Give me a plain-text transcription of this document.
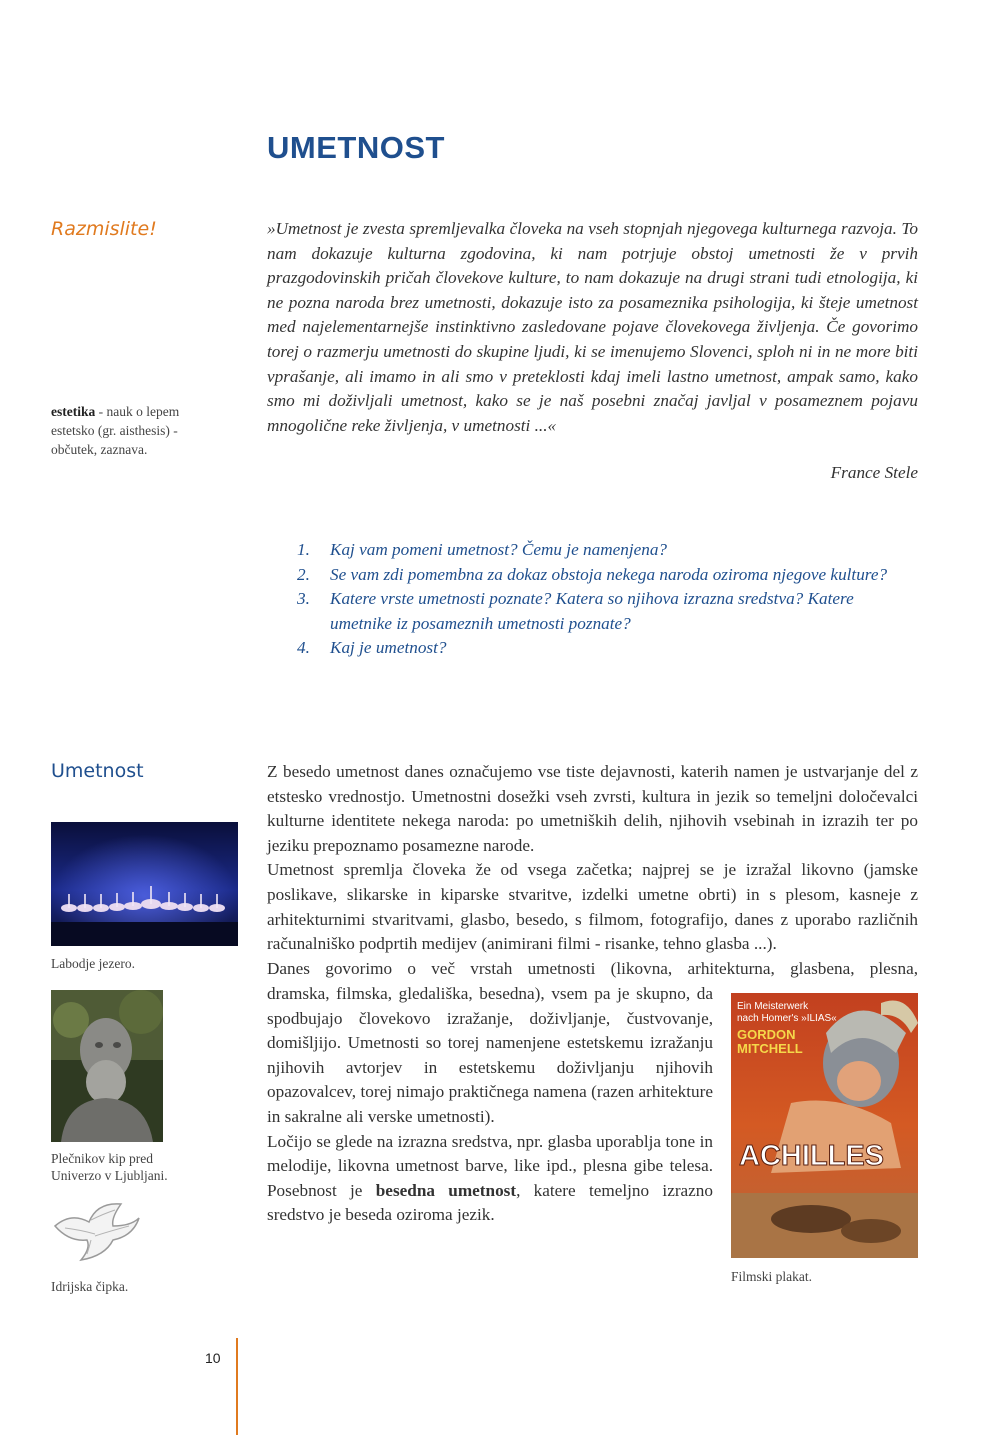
UMETNOST
Razmislite!
estetika - nauk o lepem estetsko (gr. aisthesis) - občutek, zaznava.
»Umetnost je zvesta spremljevalka človeka na vseh stopnjah njegovega kulturnega razvoja. To nam dokazuje kulturna zgodovina, ki nam potrjuje obstoj umetnosti že v prvih prazgodovinskih pričah človekove kulture, to nam dokazuje na drugi strani tudi etnologija, ki ne pozna naroda brez umetnosti, dokazuje isto za posameznika psihologija, ki šteje umetnost med najelementarnejše instinktivno zasledovane pojave človekovega življenja. Če govorimo torej o razmerju umetnosti do skupine ljudi, ki se imenujemo Slovenci, sploh ni in ne more biti vprašanje, ali imamo in ali smo v preteklosti kdaj imeli lastno umetnost, ampak samo, kako smo mi doživljali umetnost, kako se je naš posebni značaj javljal v posameznem pojavu mnogolične reke življenja, v umetnosti ...«
France Stele
1.	Kaj vam pomeni umetnost? Čemu je namenjena?
2.	Se vam zdi pomembna za dokaz obstoja nekega naroda oziroma njegove kulture?
3.	Katere vrste umetnosti poznate? Katera so njihova izrazna sredstva? Katere umetnike iz posameznih umetnosti poznate?
4.	Kaj je umetnost?
Umetnost	Z besedo umetnost danes označujemo vse tiste dejavnosti, katerih namen je ustvarjanje del z etstesko vrednostjo. Umetnostni dosežki vseh zvrsti, kultura in jezik so temeljni določevalci kulturne identitete nekega naroda: po umetniških delih, njihovih vsebinah in izrazih ter po jeziku prepoznamo posamezne narode.

Umetnost spremlja človeka že od vsega začetka; najprej se je izražal likovno (jamske poslikave, slikarske in kiparske stvaritve, izdelki umetne obrti) in s plesom, kasneje z arhitekturnimi stvaritvami, glasbo, besedo, s filmom, fotografijo, danes z uporabo različnih računalniško podprtih medijev (animirani filmi - risanke, tehno glasba ...).

Danes govorimo o več vrstah umetnosti (likovna, arhitekturna, glasbena, plesna,

dramska, filmska, gledališka, besedna), vsem pa je skupno, da spodbujajo človekovo izražanje, doživljanje, čustvovanje, domišljijo. Umetnosti so torej namenjene estetskemu izražanju njihovih avtorjev in estetskemu doživljanju njihovih opazovalcev, torej nimajo praktičnega namena (razen arhitekture in sakralne ali verske umetnosti).

Ločijo se glede na izrazna sredstva, npr. glasba uporablja tone in melodije, likovna umetnost barve, like ipd., plesna gibe telesa. Posebnost je besedna umetnost, katere temeljno izrazno sredstvo je beseda oziroma jezik.

Labodje jezero.
Plečnikov kip pred Univerzo v Ljubljani.
Idrijska čipka.
Ein Meisterwerk
nach Homer's »ILIAS«
GORDON
MITCHELL
ACHILLES
Filmski plakat.
10
